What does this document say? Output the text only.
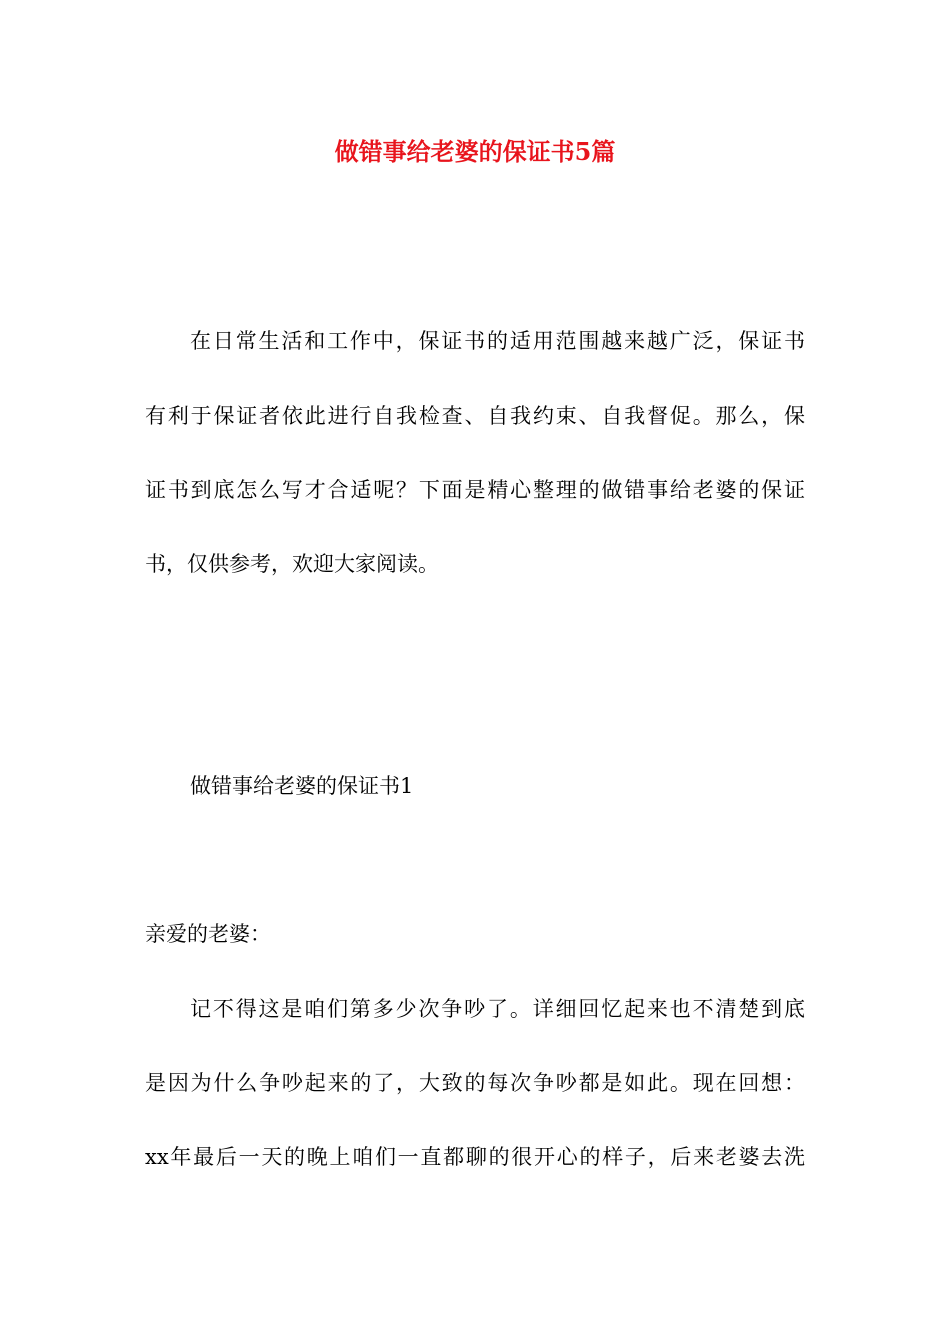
做错事给老婆的保证书5篇
在日常生活和工作中，保证书的适用范围越来越广泛，保证书
有利于保证者依此进行自我检查、自我约束、自我督促。那么，保
证书到底怎么写才合适呢？下面是精心整理的做错事给老婆的保证
书，仅供参考，欢迎大家阅读。
做错事给老婆的保证书1
亲爱的老婆：
记不得这是咱们第多少次争吵了。详细回忆起来也不清楚到底
是因为什么争吵起来的了，大致的每次争吵都是如此。现在回想：
xx年最后一天的晚上咱们一直都聊的很开心的样子，后来老婆去洗
